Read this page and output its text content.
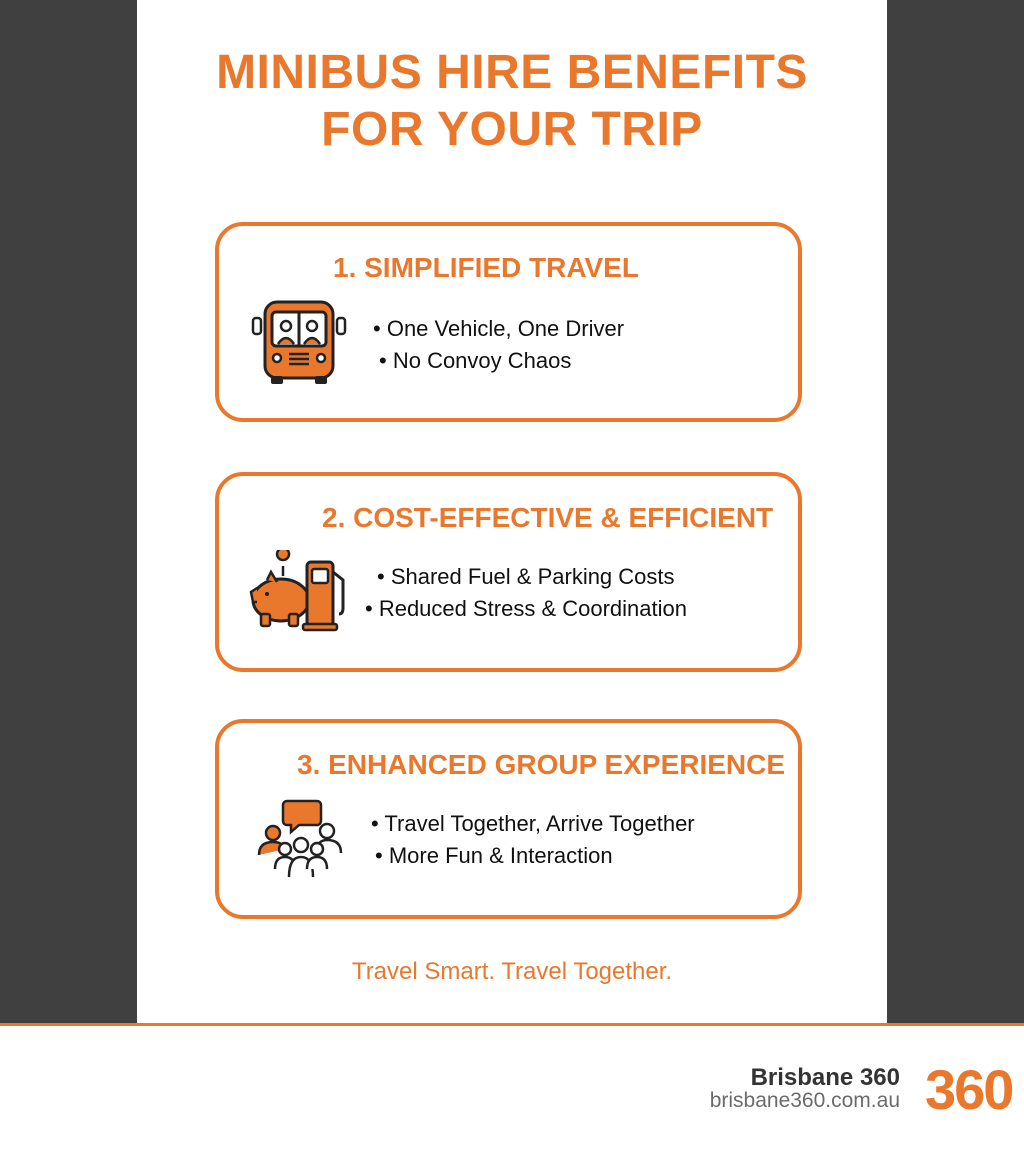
MINIBUS HIRE BENEFITS
FOR YOUR TRIP
1. SIMPLIFIED TRAVEL
• One Vehicle, One Driver
• No Convoy Chaos
2. COST-EFFECTIVE & EFFICIENT
• Shared Fuel & Parking Costs
• Reduced Stress & Coordination
3. ENHANCED GROUP EXPERIENCE
• Travel Together, Arrive Together
• More Fun & Interaction
Travel Smart. Travel Together.
Brisbane 360
brisbane360.com.au 360
